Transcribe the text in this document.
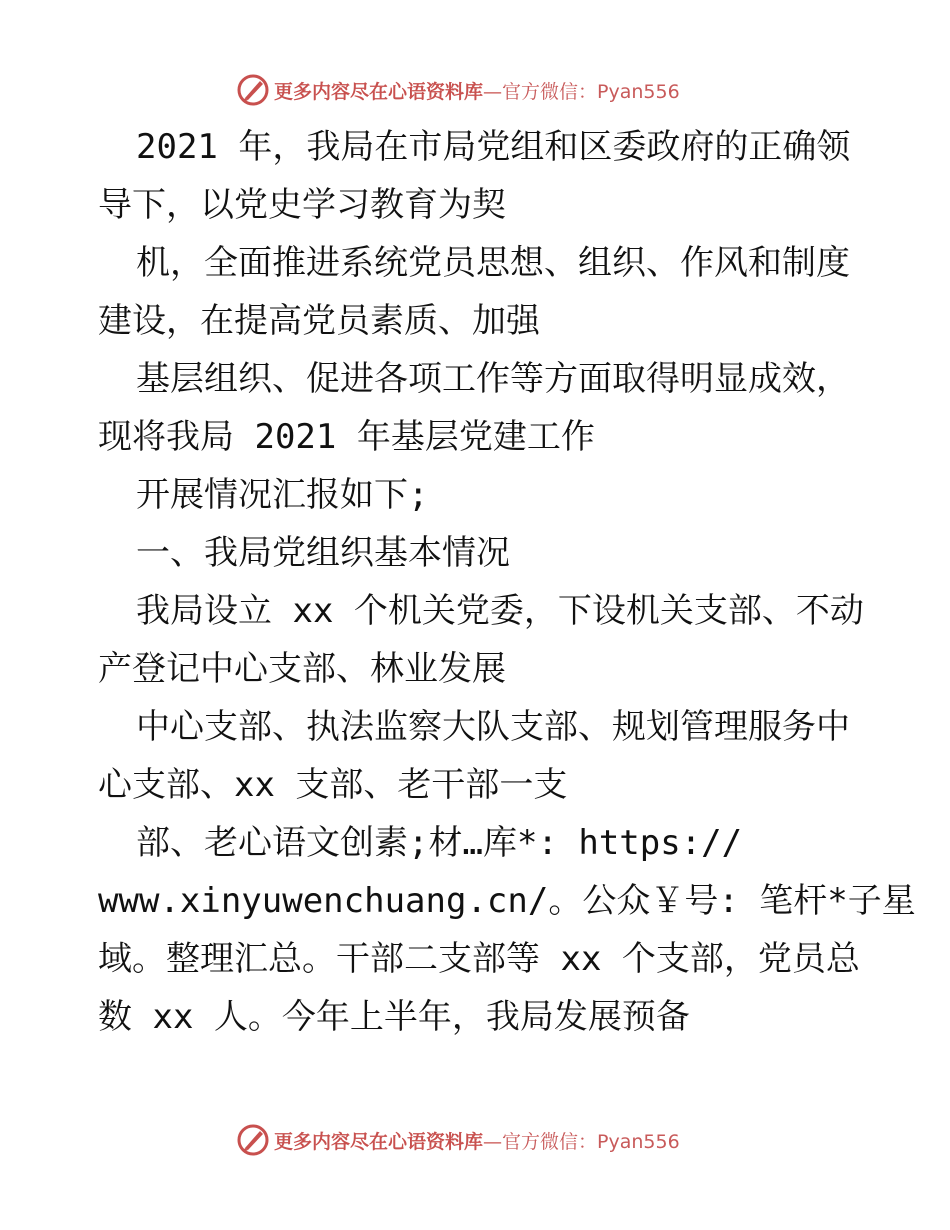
更多内容尽在心语资料库—官方微信：Pyan556
2021 年，我局在市局党组和区委政府的正确领
导下，以党史学习教育为契
机，全面推进系统党员思想、组织、作风和制度
建设，在提高党员素质、加强
基层组织、促进各项工作等方面取得明显成效，
现将我局 2021 年基层党建工作
开展情况汇报如下;
一、我局党组织基本情况
我局设立 xx 个机关党委，下设机关支部、不动
产登记中心支部、林业发展
中心支部、执法监察大队支部、规划管理服务中
心支部、xx 支部、老干部一支
部、老心语文创素;材…库*: https://
www.xinyuwenchuang.cn/。公众￥号: 笔杆*子星
域。整理汇总。干部二支部等 xx 个支部，党员总
数 xx 人。今年上半年，我局发展预备
更多内容尽在心语资料库—官方微信：Pyan556
